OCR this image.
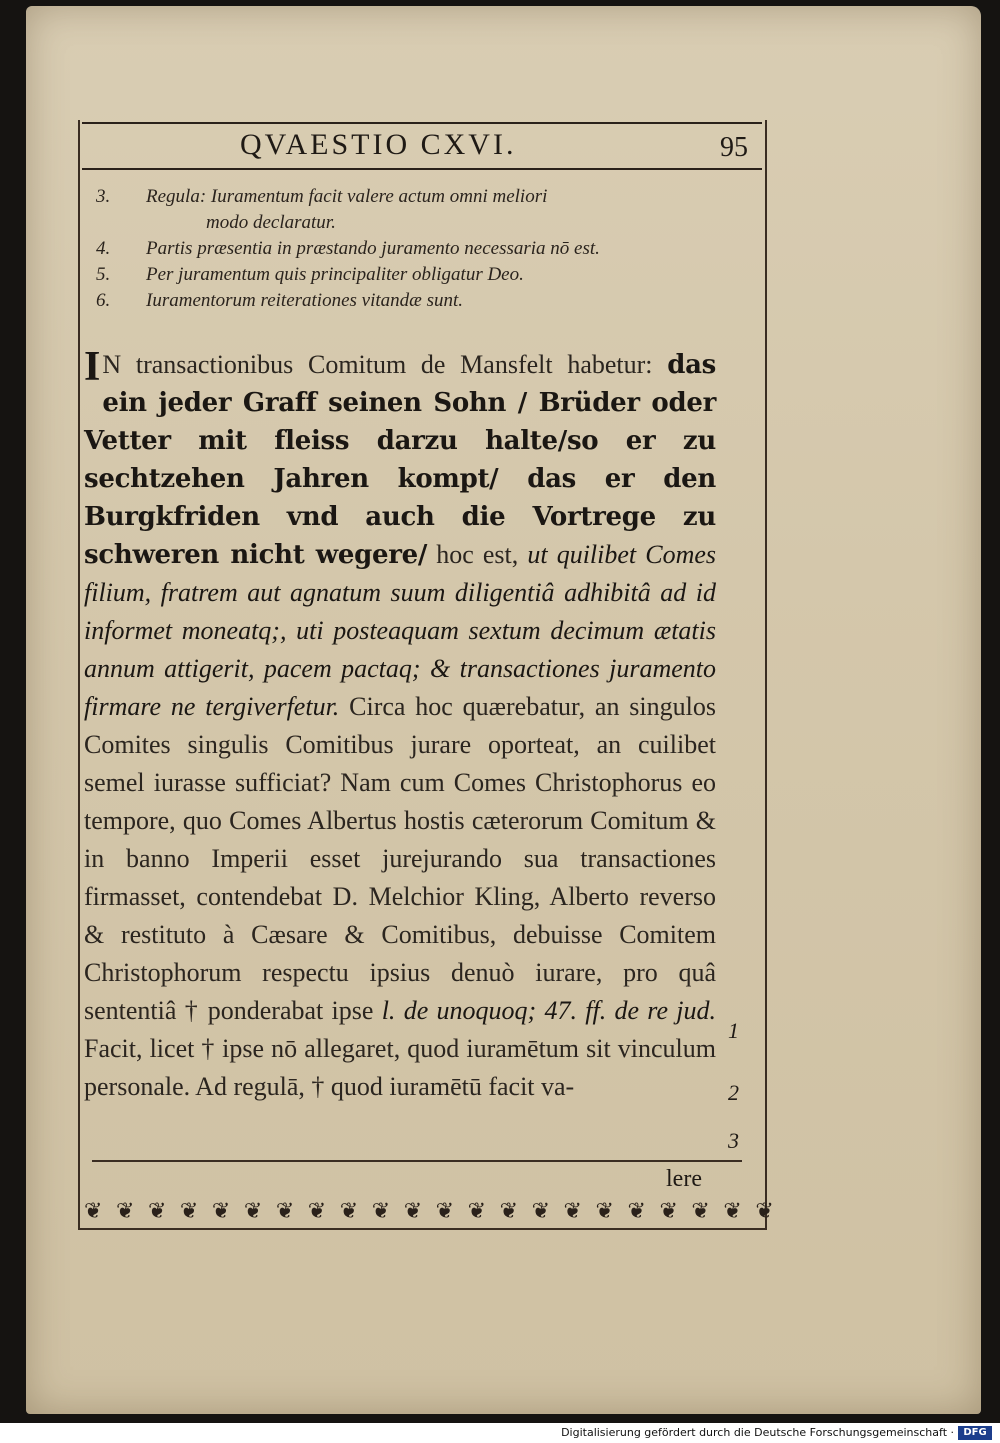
QVAESTIO CXVI.	95
3.	Regula: Iuramentum facit valere actum omni meliori
modo declaratur.
4.	Partis præsentia in præstando juramento necessaria nō est.
5.	Per juramentum quis principaliter obligatur Deo.
6.	Iuramentorum reiterationes vitandæ sunt.
I N transactionibus Comitum de Mansfelt habetur: das ein jeder Graff seinen Sohn / Brüder oder Vetter mit fleiss darzu halte/so er zu sechtzehen Jahren kompt/ das er den Burgkfriden vnd auch die Vortrege zu schweren nicht wegere/ hoc est, ut quilibet Comes filium, fratrem aut agnatum suum diligentiâ adhibitâ ad id informet moneatq;, uti posteaquam sextum decimum ætatis annum attigerit, pacem pactaq; & transactiones juramento firmare ne tergiverfetur. Circa hoc quærebatur, an singulos Comites singulis Comitibus jurare oporteat, an cuilibet semel iurasse sufficiat? Nam cum Comes Christophorus eo tempore, quo Comes Albertus hostis cæterorum Comitum & in banno Imperii esset jurejurando sua transactiones firmasset, contendebat D. Melchior Kling, Alberto reverso & restituto à Cæsare & Comitibus, debuisse Comitem Christophorum respectu ipsius denuò iurare, pro quâ sententiâ † ponderabat ipse l. de unoquoq; 47. ff. de re jud. Facit, licet † ipse nō allegaret, quod iuramētum sit vinculum personale. Ad regulā, † quod iuramētū facit va-
1
2
3
lere
❦ ❦ ❦ ❦ ❦ ❦ ❦ ❦ ❦ ❦ ❦ ❦ ❦ ❦ ❦ ❦ ❦ ❦ ❦ ❦ ❦ ❦
Digitalisierung gefördert durch die Deutsche Forschungsgemeinschaft · DFG
